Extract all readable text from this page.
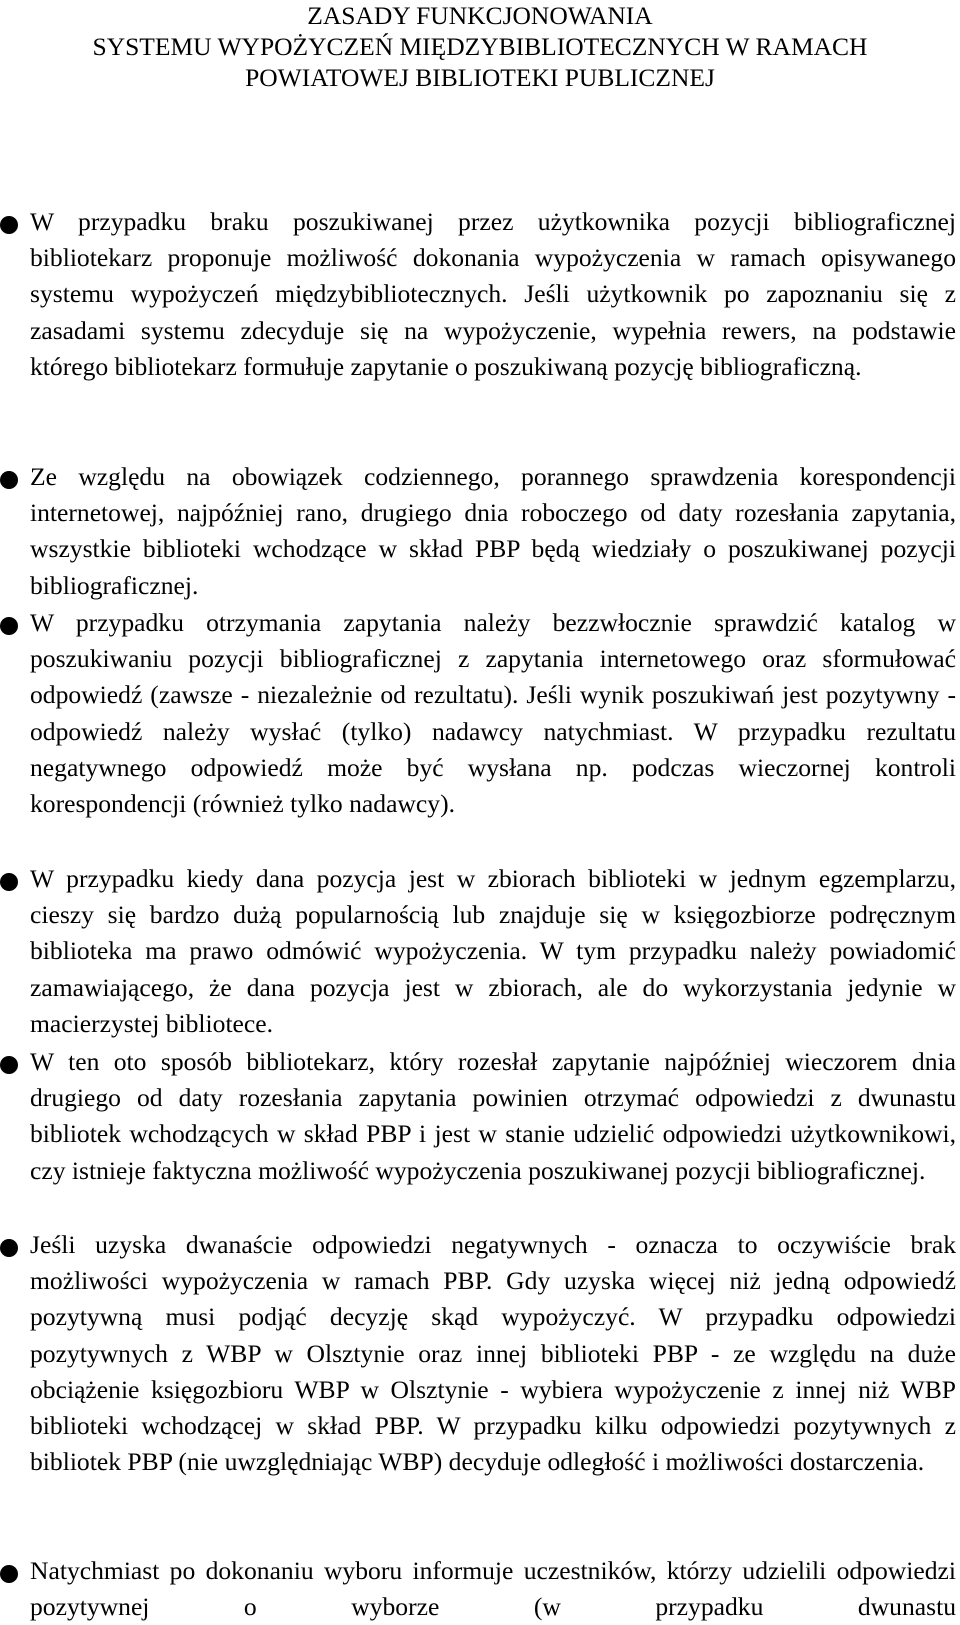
ZASADY FUNKCJONOWANIA
SYSTEMU WYPOŻYCZEŃ MIĘDZYBIBLIOTECZNYCH W RAMACH
POWIATOWEJ BIBLIOTEKI PUBLICZNEJ

W przypadku braku poszukiwanej przez użytkownika pozycji bibliograficznej bibliotekarz proponuje możliwość dokonania wypożyczenia w ramach opisywanego systemu wypożyczeń międzybibliotecznych. Jeśli użytkownik po zapoznaniu się z zasadami systemu zdecyduje się na wypożyczenie, wypełnia rewers, na podstawie którego bibliotekarz formułuje zapytanie o poszukiwaną pozycję bibliograficzną.

Ze względu na obowiązek codziennego, porannego sprawdzenia korespondencji internetowej, najpóźniej rano, drugiego dnia roboczego od daty rozesłania zapytania, wszystkie biblioteki wchodzące w skład PBP będą wiedziały o poszukiwanej pozycji bibliograficznej.

W przypadku otrzymania zapytania należy bezzwłocznie sprawdzić katalog w poszukiwaniu pozycji bibliograficznej z zapytania internetowego oraz sformułować odpowiedź (zawsze - niezależnie od rezultatu). Jeśli wynik poszukiwań jest pozytywny - odpowiedź należy wysłać (tylko) nadawcy natychmiast. W przypadku rezultatu negatywnego odpowiedź może być wysłana np. podczas wieczornej kontroli korespondencji (również tylko nadawcy).

W przypadku kiedy dana pozycja jest w zbiorach biblioteki w jednym egzemplarzu, cieszy się bardzo dużą popularnością lub znajduje się w księgozbiorze podręcznym biblioteka ma prawo odmówić wypożyczenia. W tym przypadku należy powiadomić zamawiającego, że dana pozycja jest w zbiorach, ale do wykorzystania jedynie w macierzystej bibliotece.

W ten oto sposób bibliotekarz, który rozesłał zapytanie najpóźniej wieczorem dnia drugiego od daty rozesłania zapytania powinien otrzymać odpowiedzi z dwunastu bibliotek wchodzących w skład PBP i jest w stanie udzielić odpowiedzi użytkownikowi, czy istnieje faktyczna możliwość wypożyczenia poszukiwanej pozycji bibliograficznej.

Jeśli uzyska dwanaście odpowiedzi negatywnych - oznacza to oczywiście brak możliwości wypożyczenia w ramach PBP. Gdy uzyska więcej niż jedną odpowiedź pozytywną musi podjąć decyzję skąd wypożyczyć. W przypadku odpowiedzi pozytywnych z WBP w Olsztynie oraz innej biblioteki PBP - ze względu na duże obciążenie księgozbioru WBP w Olsztynie - wybiera wypożyczenie z innej niż WBP biblioteki wchodzącej w skład PBP. W przypadku kilku odpowiedzi pozytywnych z bibliotek PBP (nie uwzględniając WBP) decyduje odległość i możliwości dostarczenia.

Natychmiast po dokonaniu wyboru informuje uczestników, którzy udzielili odpowiedzi pozytywnej o wyborze (w przypadku dwunastu
